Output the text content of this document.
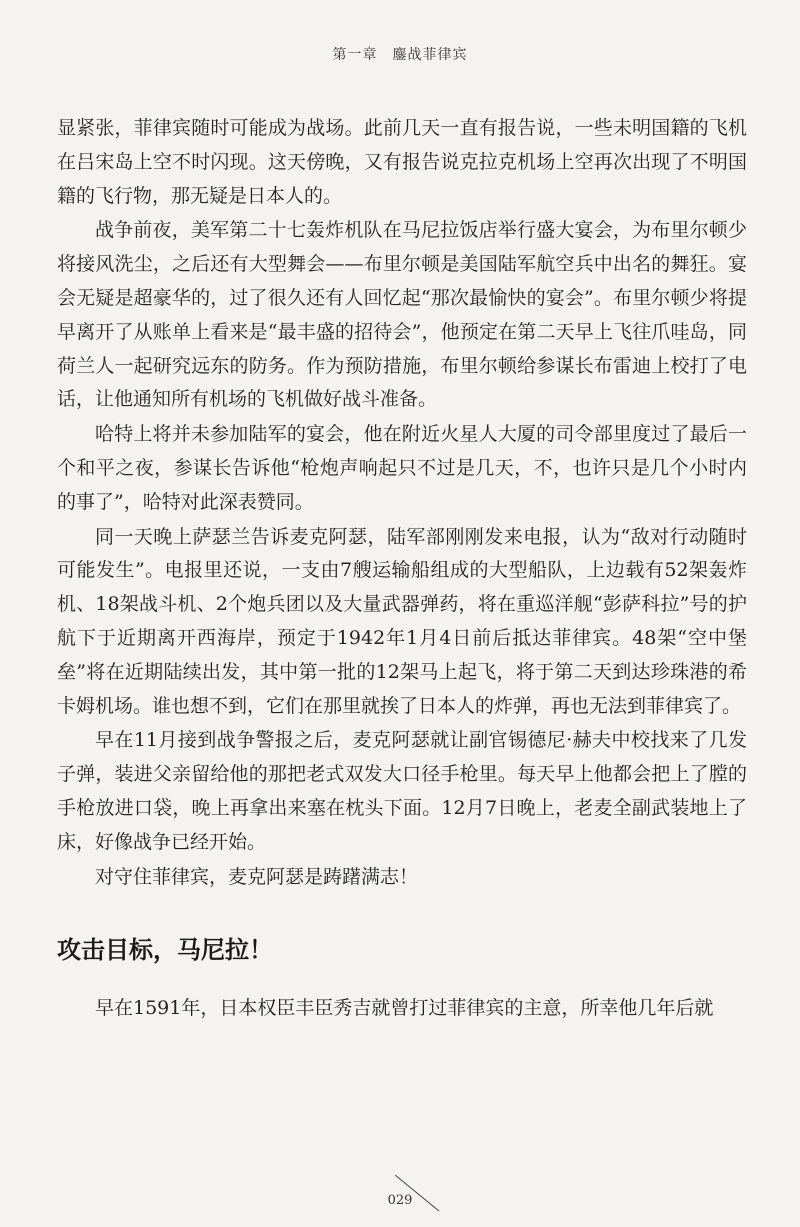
第一章　鏖战菲律宾

显紧张，菲律宾随时可能成为战场。此前几天一直有报告说，一些未明国籍的飞机在吕宋岛上空不时闪现。这天傍晚，又有报告说克拉克机场上空再次出现了不明国籍的飞行物，那无疑是日本人的。

战争前夜，美军第二十七轰炸机队在马尼拉饭店举行盛大宴会，为布里尔顿少将接风洗尘，之后还有大型舞会——布里尔顿是美国陆军航空兵中出名的舞狂。宴会无疑是超豪华的，过了很久还有人回忆起“那次最愉快的宴会”。布里尔顿少将提早离开了从账单上看来是“最丰盛的招待会”，他预定在第二天早上飞往爪哇岛，同荷兰人一起研究远东的防务。作为预防措施，布里尔顿给参谋长布雷迪上校打了电话，让他通知所有机场的飞机做好战斗准备。

哈特上将并未参加陆军的宴会，他在附近火星人大厦的司令部里度过了最后一个和平之夜，参谋长告诉他“枪炮声响起只不过是几天，不，也许只是几个小时内的事了”，哈特对此深表赞同。

同一天晚上萨瑟兰告诉麦克阿瑟，陆军部刚刚发来电报，认为“敌对行动随时可能发生”。电报里还说，一支由7艘运输船组成的大型船队，上边载有52架轰炸机、18架战斗机、2个炮兵团以及大量武器弹药，将在重巡洋舰“彭萨科拉”号的护航下于近期离开西海岸，预定于1942年1月4日前后抵达菲律宾。48架“空中堡垒”将在近期陆续出发，其中第一批的12架马上起飞，将于第二天到达珍珠港的希卡姆机场。谁也想不到，它们在那里就挨了日本人的炸弹，再也无法到菲律宾了。

早在11月接到战争警报之后，麦克阿瑟就让副官锡德尼·赫夫中校找来了几发子弹，装进父亲留给他的那把老式双发大口径手枪里。每天早上他都会把上了膛的手枪放进口袋，晚上再拿出来塞在枕头下面。12月7日晚上，老麦全副武装地上了床，好像战争已经开始。

对守住菲律宾，麦克阿瑟是踌躇满志！

攻击目标，马尼拉！

早在1591年，日本权臣丰臣秀吉就曾打过菲律宾的主意，所幸他几年后就

029
